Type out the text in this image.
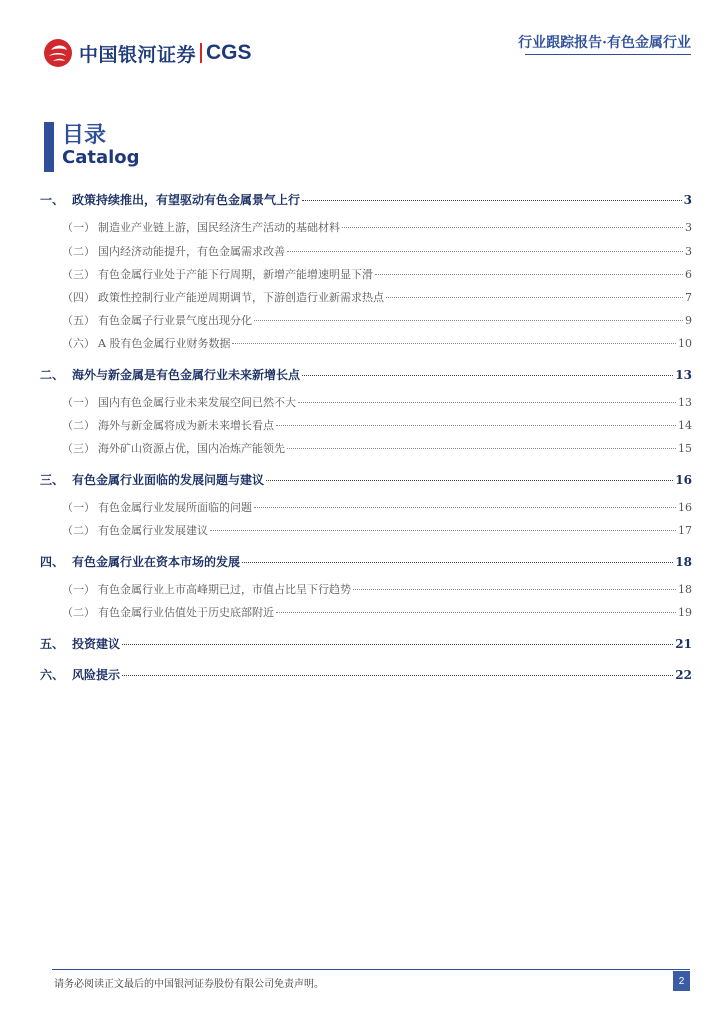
中国银河证券 CGS	行业跟踪报告·有色金属行业
目录
Catalog
一、 政策持续推出，有望驱动有色金属景气上行	3
（一） 制造业产业链上游，国民经济生产活动的基础材料	3
（二） 国内经济动能提升，有色金属需求改善	3
（三） 有色金属行业处于产能下行周期，新增产能增速明显下滑	6
（四） 政策性控制行业产能逆周期调节，下游创造行业新需求热点	7
（五） 有色金属子行业景气度出现分化	9
（六） A 股有色金属行业财务数据	10
二、 海外与新金属是有色金属行业未来新增长点	13
（一） 国内有色金属行业未来发展空间已然不大	13
（二） 海外与新金属将成为新未来增长看点	14
（三） 海外矿山资源占优，国内冶炼产能领先	15
三、 有色金属行业面临的发展问题与建议	16
（一） 有色金属行业发展所面临的问题	16
（二） 有色金属行业发展建议	17
四、 有色金属行业在资本市场的发展	18
（一） 有色金属行业上市高峰期已过，市值占比呈下行趋势	18
（二） 有色金属行业估值处于历史底部附近	19
五、 投资建议	21
六、 风险提示	22
请务必阅读正文最后的中国银河证券股份有限公司免责声明。	2
